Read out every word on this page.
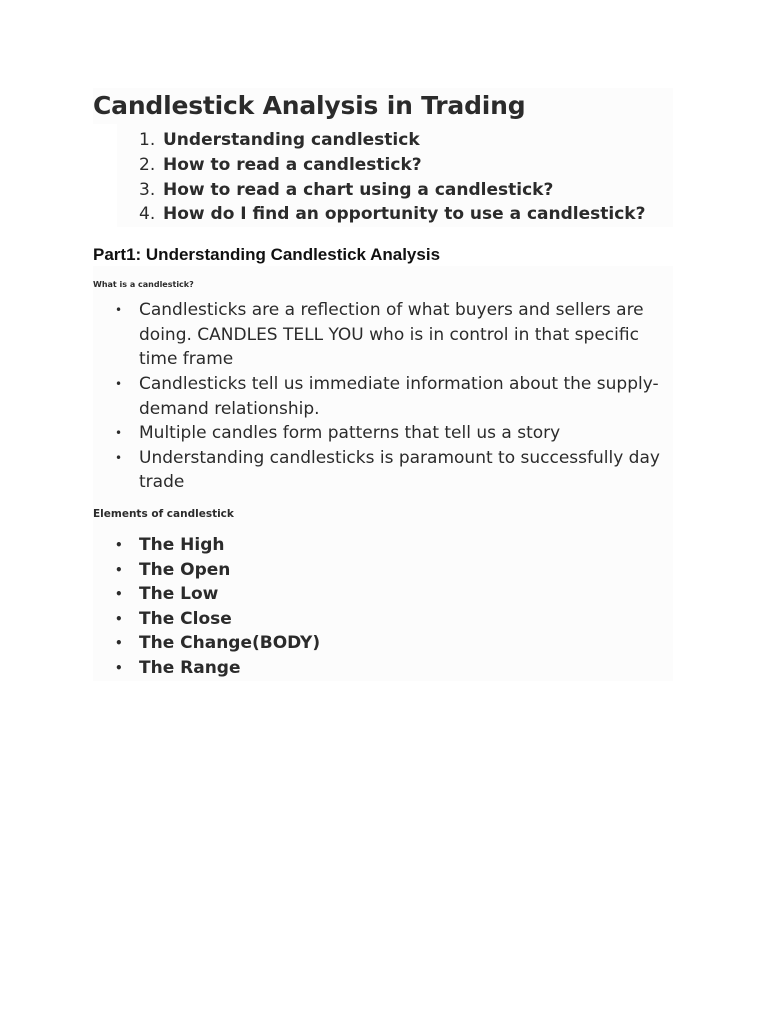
Candlestick Analysis in Trading
1. Understanding candlestick
2. How to read a candlestick?
3. How to read a chart using a candlestick?
4. How do I find an opportunity to use a candlestick?
Part1: Understanding Candlestick Analysis

What is a candlestick?

• Candlesticks are a reflection of what buyers and sellers are doing. CANDLES TELL YOU who is in control in that specific time frame
• Candlesticks tell us immediate information about the supply-demand relationship.
• Multiple candles form patterns that tell us a story
• Understanding candlesticks is paramount to successfully day trade

Elements of candlestick

• The High
• The Open
• The Low
• The Close
• The Change(BODY)
• The Range
